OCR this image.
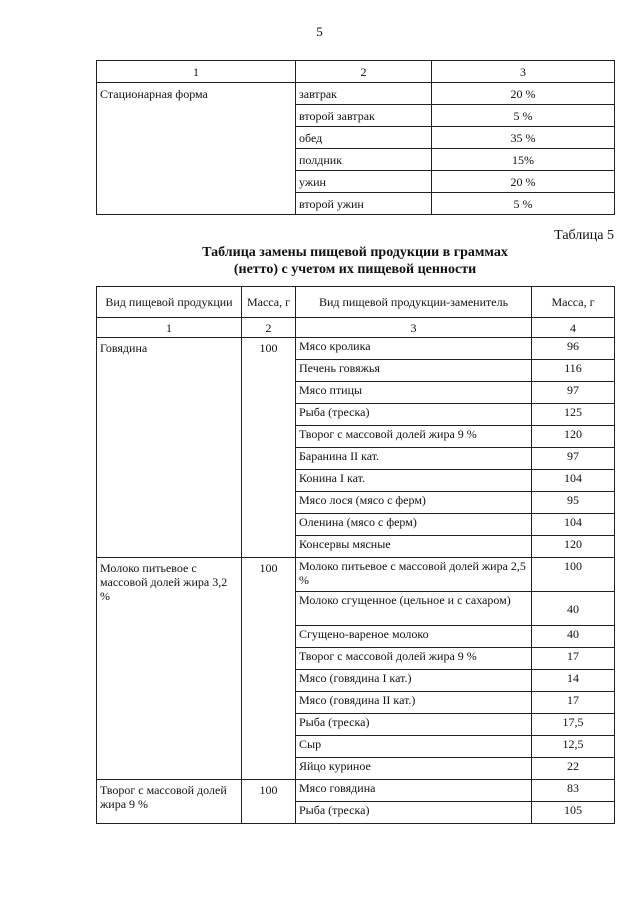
5
1	2	3
Стационарная форма	завтрак	20 %
	второй завтрак	5 %
	обед	35 %
	полдник	15%
	ужин	20 %
	второй ужин	5 %
Таблица 5
Таблица замены пищевой продукции в граммах
(нетто) с учетом их пищевой ценности
Вид пищевой продукции	Масса, г	Вид пищевой продукции-заменитель	Масса, г
1	2	3	4
Говядина	100	Мясо кролика	96
		Печень говяжья	116
		Мясо птицы	97
		Рыба (треска)	125
		Творог с массовой долей жира 9 %	120
		Баранина II кат.	97
		Конина I кат.	104
		Мясо лося (мясо с ферм)	95
		Оленина (мясо с ферм)	104
		Консервы мясные	120
Молоко питьевое с массовой долей жира 3,2 %	100	Молоко питьевое с массовой долей жира 2,5 %	100
		Молоко сгущенное (цельное и с сахаром)	40
		Сгущено-вареное молоко	40
		Творог с массовой долей жира 9 %	17
		Мясо (говядина I кат.)	14
		Мясо (говядина II кат.)	17
		Рыба (треска)	17,5
		Сыр	12,5
		Яйцо куриное	22
Творог с массовой долей жира 9 %	100	Мясо говядина	83
		Рыба (треска)	105
